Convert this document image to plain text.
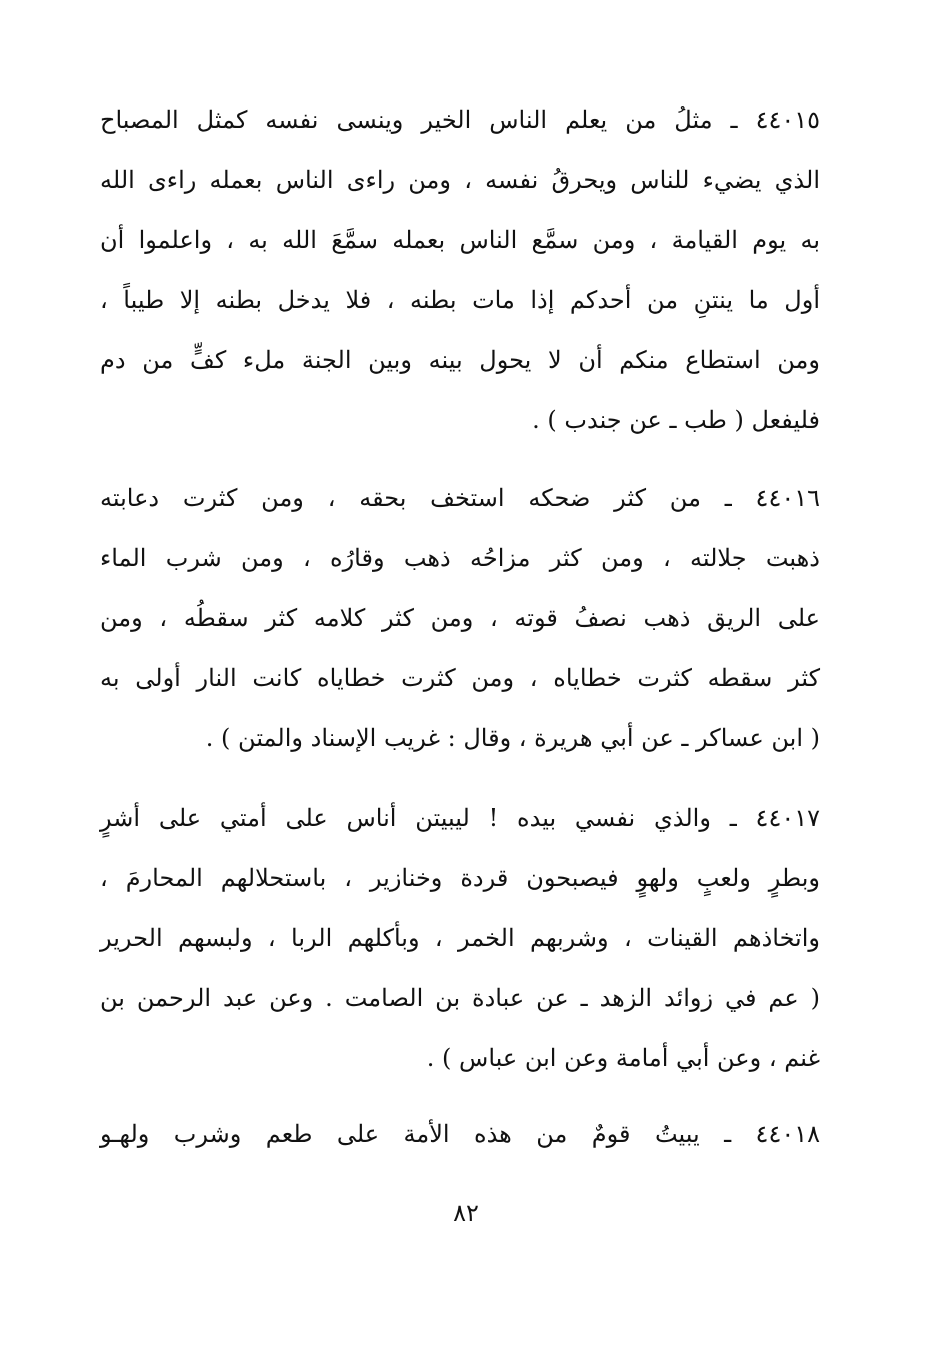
٤٤٠١٥ ـ مثلُ من يعلم الناس الخير وينسى نفسه كمثل المصباح
الذي يضيء للناس ويحرقُ نفسه ، ومن راءى الناس بعمله راءى الله
به يوم القيامة ، ومن سمَّع الناس بعمله سمَّعَ الله به ، واعلموا أن
أول ما ينتنِ من أحدكم إذا مات بطنه ، فلا يدخل بطنه إلا طيباً ،
ومن استطاع منكم أن لا يحول بينه وبين الجنة ملء كفٍّ من دم
فليفعل ( طب ـ عن جندب ) .
٤٤٠١٦ ـ من كثر ضحكه استخف بحقه ، ومن كثرت دعابته
ذهبت جلالته ، ومن كثر مزاحُه ذهب وقارُه ، ومن شرب الماء
على الريق ذهب نصفُ قوته ، ومن كثر كلامه كثر سقطُه ، ومن
كثر سقطه كثرت خطاياه ، ومن كثرت خطاياه كانت النار أولى به
( ابن عساكر ـ عن أبي هريرة ، وقال : غريب الإسناد والمتن ) .
٤٤٠١٧ ـ والذي نفسي بيده ! ليبيتن أناس على أمتي على أشرٍ
وبطرٍ ولعبٍ ولهوٍ فيصبحون قردة وخنازير ، باستحلالهم المحارمَ ،
واتخاذهم القينات ، وشربهم الخمر ، وبأكلهم الربا ، ولبسهم الحرير
( عم في زوائد الزهد ـ عن عبادة بن الصامت . وعن عبد الرحمن بن
غنم ، وعن أبي أمامة وعن ابن عباس ) .
٤٤٠١٨ ـ يبيتُ قومٌ من هذه الأمة على طعم وشرب ولهـو
٨٢
